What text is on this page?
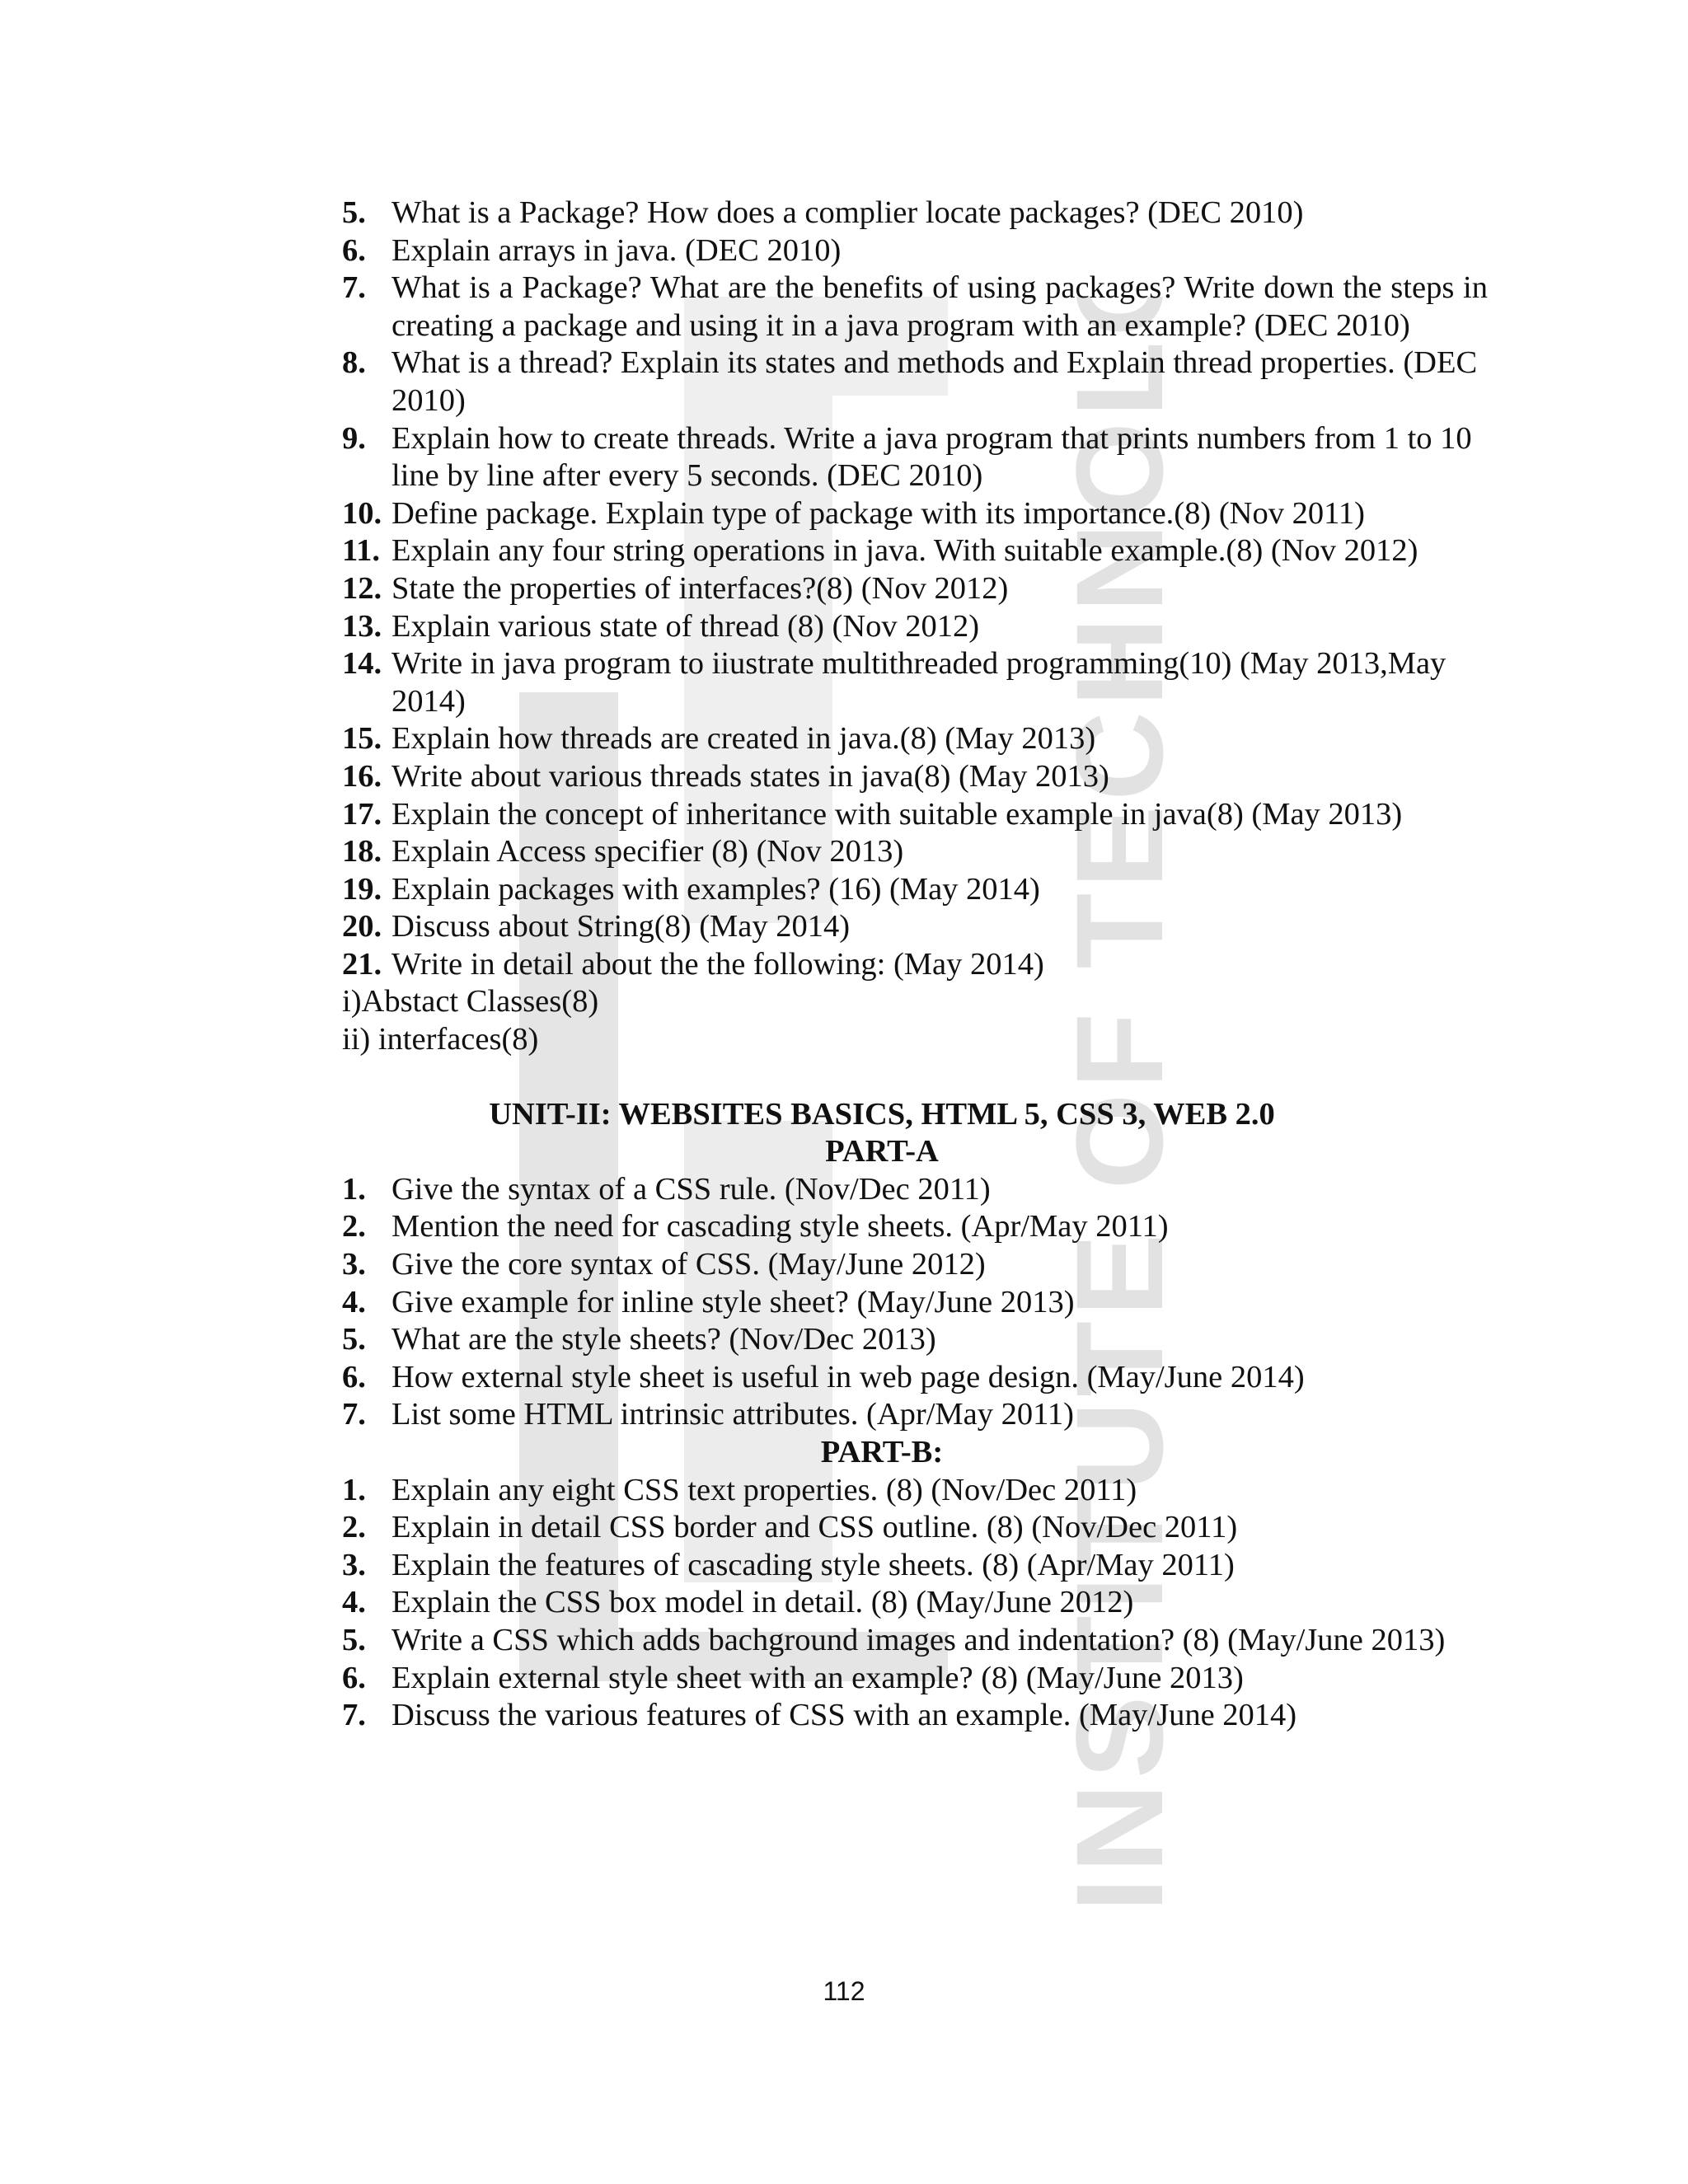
INSTITUTE OF TECHNOLOGY
5. What is a Package? How does a complier locate packages? (DEC 2010)
6. Explain arrays in java. (DEC 2010)
7. What is a Package? What are the benefits of using packages? Write down the steps in creating a package and using it in a java program with an example? (DEC 2010)
8. What is a thread? Explain its states and methods and Explain thread properties. (DEC 2010)
9. Explain how to create threads. Write a java program that prints numbers from 1 to 10 line by line after every 5 seconds. (DEC 2010)
10. Define package. Explain type of package with its importance.(8) (Nov 2011)
11. Explain any four string operations in java. With suitable example.(8) (Nov 2012)
12. State the properties of interfaces?(8) (Nov 2012)
13. Explain various state of thread (8) (Nov 2012)
14. Write in java program to iiustrate multithreaded programming(10) (May 2013,May 2014)
15. Explain how threads are created in java.(8) (May 2013)
16. Write about various threads states in java(8) (May 2013)
17. Explain the concept of inheritance with suitable example in java(8) (May 2013)
18. Explain Access specifier (8) (Nov 2013)
19. Explain packages with examples? (16) (May 2014)
20. Discuss about String(8) (May 2014)
21. Write in detail about the the following: (May 2014)
i)Abstact Classes(8)
ii) interfaces(8)
UNIT-II: WEBSITES BASICS, HTML 5, CSS 3, WEB 2.0
PART-A
1. Give the syntax of a CSS rule. (Nov/Dec 2011)
2. Mention the need for cascading style sheets. (Apr/May 2011)
3. Give the core syntax of CSS. (May/June 2012)
4. Give example for inline style sheet? (May/June 2013)
5. What are the style sheets? (Nov/Dec 2013)
6. How external style sheet is useful in web page design. (May/June 2014)
7. List some HTML intrinsic attributes. (Apr/May 2011)
PART-B:
1. Explain any eight CSS text properties. (8) (Nov/Dec 2011)
2. Explain in detail CSS border and CSS outline. (8) (Nov/Dec 2011)
3. Explain the features of cascading style sheets. (8) (Apr/May 2011)
4. Explain the CSS box model in detail. (8) (May/June 2012)
5. Write a CSS which adds bachground images and indentation? (8) (May/June 2013)
6. Explain external style sheet with an example? (8) (May/June 2013)
7. Discuss the various features of CSS with an example. (May/June 2014)
112
